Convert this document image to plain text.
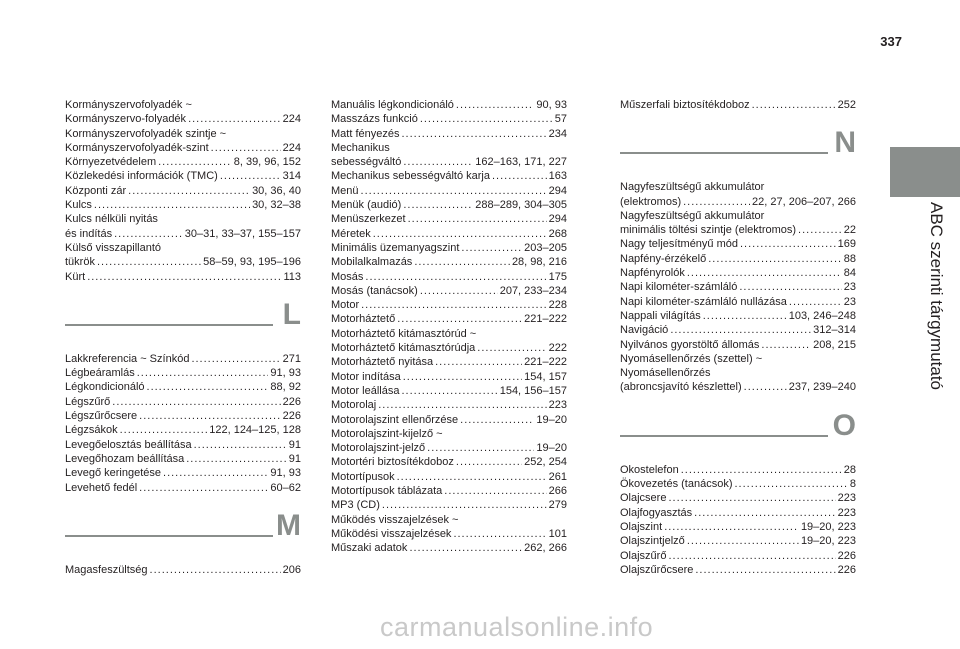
337
ABC szerinti tárgymutató
Kormányszervofolyadék ~
Kormányszervo-folyadék .....	224
Kormányszervofolyadék szintje ~
Kormányszervofolyadék-szint .....	224
Környezetvédelem .....	8, 39, 96, 152
Közlekedési információk (TMC) .....	314
Központi zár .....	30, 36, 40
Kulcs .....	30, 32–38
Kulcs nélküli nyitás
és indítás .....	30–31, 33–37, 155–157
Külső visszapillantó
tükrök .....	58–59, 93, 195–196
Kürt .....	113
L
Lakkreferencia ~ Színkód .....	271
Légbeáramlás .....	91, 93
Légkondicionáló .....	88, 92
Légszűrő .....	226
Légszűrőcsere .....	226
Légzsákok .....	122, 124–125, 128
Levegőelosztás beállítása .....	91
Levegőhozam beállítása .....	91
Levegő keringetése .....	91, 93
Levehető fedél .....	60–62
M
Magasfeszültség .....	206
Manuális légkondicionáló .....	90, 93
Masszázs funkció .....	57
Matt fényezés .....	234
Mechanikus
sebességváltó .....	162–163, 171, 227
Mechanikus sebességváltó karja .....	163
Menü .....	294
Menük (audió) .....	288–289, 304–305
Menüszerkezet .....	294
Méretek .....	268
Minimális üzemanyagszint .....	203–205
Mobilalkalmazás .....	28, 98, 216
Mosás .....	175
Mosás (tanácsok) .....	207, 233–234
Motor .....	228
Motorháztető .....	221–222
Motorháztető kitámasztórúd ~
Motorháztető kitámasztórúdja .....	222
Motorháztető nyitása .....	221–222
Motor indítása .....	154, 157
Motor leállása .....	154, 156–157
Motorolaj .....	223
Motorolajszint ellenőrzése .....	19–20
Motorolajszint-kijelző ~
Motorolajszint-jelző .....	19–20
Motortéri biztosítékdoboz .....	252, 254
Motortípusok .....	261
Motortípusok táblázata .....	266
MP3 (CD) .....	279
Működés visszajelzések ~
Működési visszajelzések .....	101
Műszaki adatok .....	262, 266
Műszerfali biztosítékdoboz .....	252
N
Nagyfeszültségű akkumulátor
(elektromos) .....	22, 27, 206–207, 266
Nagyfeszültségű akkumulátor
minimális töltési szintje (elektromos) .....	22
Nagy teljesítményű mód .....	169
Napfény-érzékelő .....	88
Napfényrolók .....	84
Napi kilométer-számláló .....	23
Napi kilométer-számláló nullázása .....	23
Nappali világítás .....	103, 246–248
Navigáció .....	312–314
Nyilvános gyorstöltő állomás .....	208, 215
Nyomásellenőrzés (szettel) ~
Nyomásellenőrzés
(abroncsjavító készlettel) .....	237, 239–240
O
Okostelefon .....	28
Ökovezetés (tanácsok) .....	8
Olajcsere .....	223
Olajfogyasztás .....	223
Olajszint .....	19–20, 223
Olajszintjelző .....	19–20, 223
Olajszűrő .....	226
Olajszűrőcsere .....	226
carmanualsonline.info
